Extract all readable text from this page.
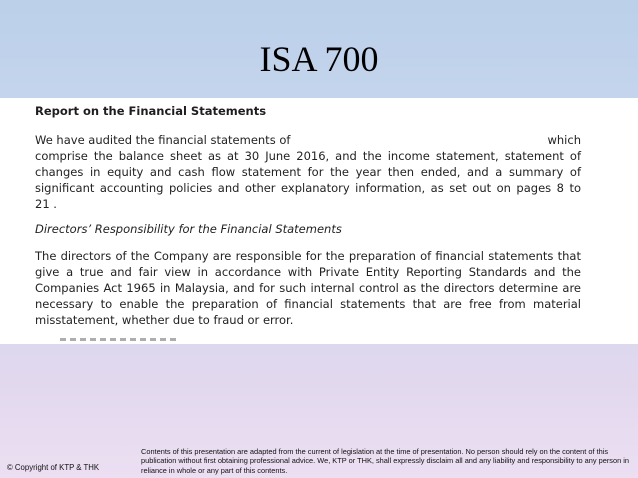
ISA 700
Report on the Financial Statements
We have audited the financial statements of	which
comprise the balance sheet as at 30 June 2016, and the income statement, statement of
changes in equity and cash flow statement for the year then ended, and a summary of
significant accounting policies and other explanatory information, as set out on pages 8 to
21 .
Directors’ Responsibility for the Financial Statements
The directors of the Company are responsible for the preparation of financial statements that
give a true and fair view in accordance with Private Entity Reporting Standards and the
Companies Act 1965 in Malaysia, and for such internal control as the directors determine are
necessary to enable the preparation of financial statements that are free from material
misstatement, whether due to fraud or error.
Contents of this presentation are adapted from the current of legislation at the time of presentation. No person should rely on the content of this publication without first obtaining professional advice. We, KTP or THK, shall expressly disclaim all and any liability and responsibility to any person in reliance in whole or any part of this contents.
© Copyright of KTP & THK
